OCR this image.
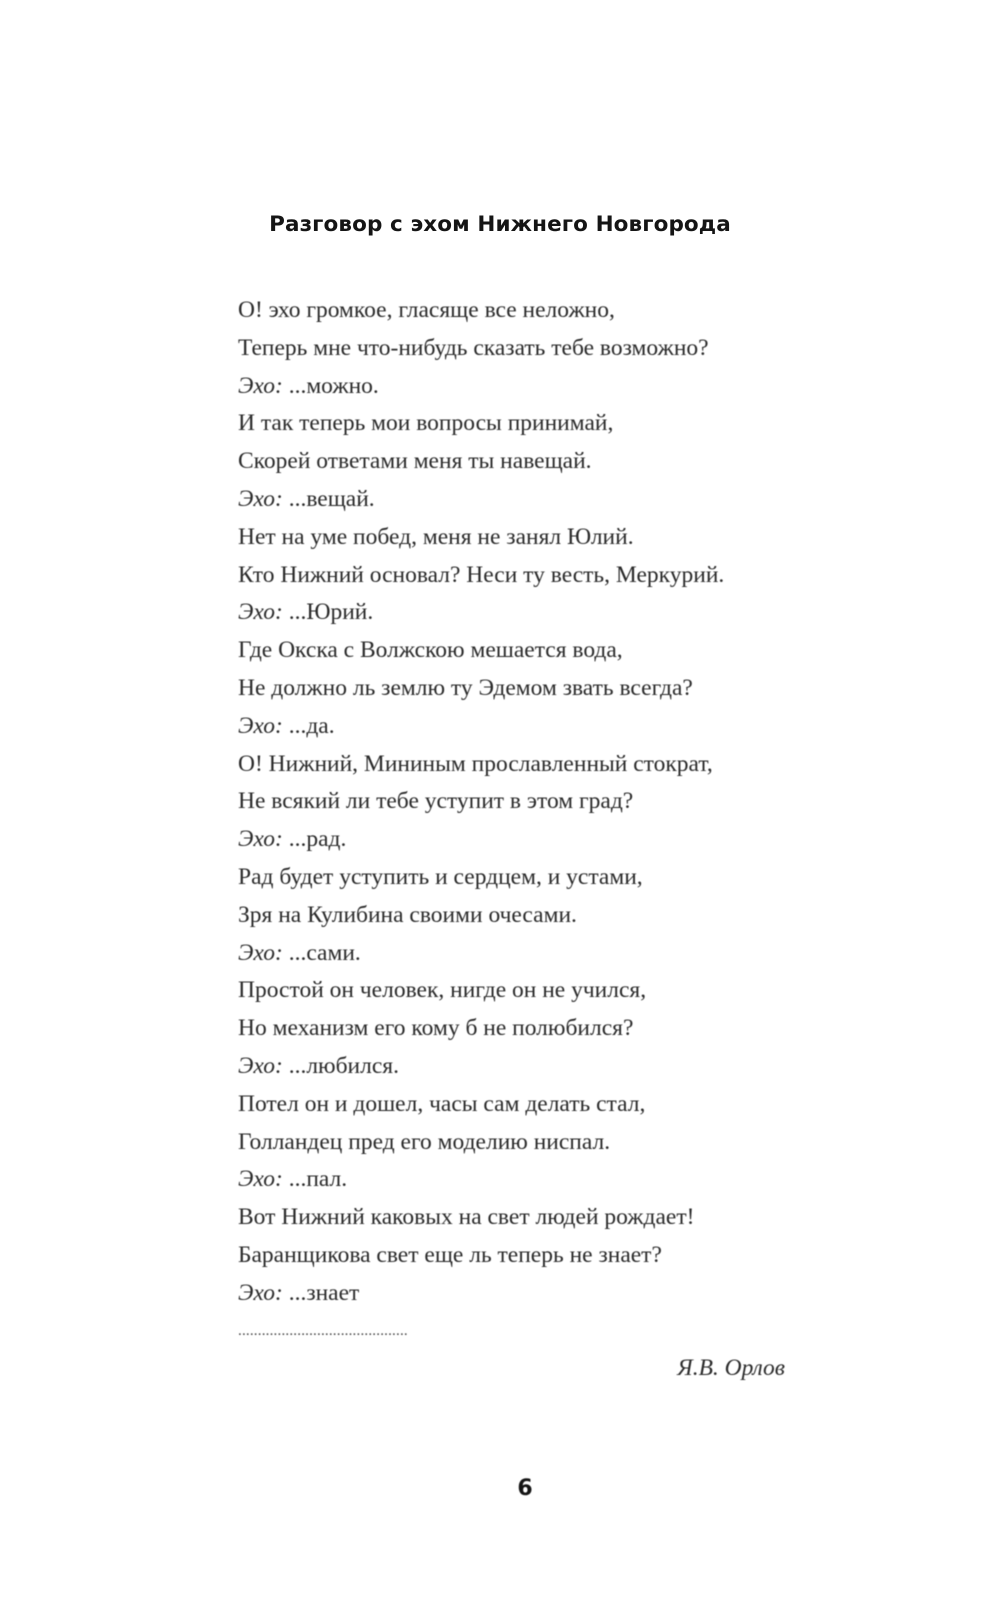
Разговор с эхом Нижнего Новгорода
О! эхо громкое, гласяще все неложно,
Теперь мне что-нибудь сказать тебе возможно?
Эхо: ...можно.
И так теперь мои вопросы принимай,
Скорей ответами меня ты навещай.
Эхо: ...вещай.
Нет на уме побед, меня не занял Юлий.
Кто Нижний основал? Неси ту весть, Меркурий.
Эхо: ...Юрий.
Где Окска с Волжскою мешается вода,
Не должно ль землю ту Эдемом звать всегда?
Эхо: ...да.
О! Нижний, Мининым прославленный стократ,
Не всякий ли тебе уступит в этом град?
Эхо: ...рад.
Рад будет уступить и сердцем, и устами,
Зря на Кулибина своими очесами.
Эхо: ...сами.
Простой он человек, нигде он не учился,
Но механизм его кому б не полюбился?
Эхо: ...любился.
Потел он и дошел, часы сам делать стал,
Голландец пред его моделию ниспал.
Эхо: ...пал.
Вот Нижний каковых на свет людей рождает!
Баранщикова свет еще ль теперь не знает?
Эхо: ...знает
...........................................
Я.В. Орлов
6
